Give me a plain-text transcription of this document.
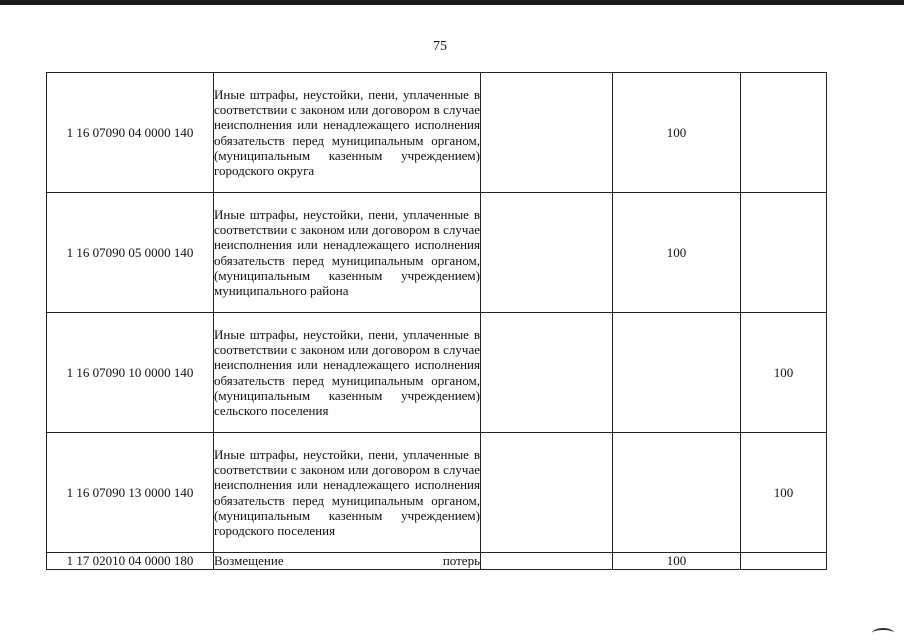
75
1 16 07090 04 0000 140	Иные штрафы, неустойки, пени, уплаченные в соответствии с законом или договором в случае неисполнения или ненадлежащего исполнения обязательств перед муниципальным органом, (муниципальным казенным учреждением) городского округа		100	
1 16 07090 05 0000 140	Иные штрафы, неустойки, пени, уплаченные в соответствии с законом или договором в случае неисполнения или ненадлежащего исполнения обязательств перед муниципальным органом, (муниципальным казенным учреждением) муниципального района		100	
1 16 07090 10 0000 140	Иные штрафы, неустойки, пени, уплаченные в соответствии с законом или договором в случае неисполнения или ненадлежащего исполнения обязательств перед муниципальным органом, (муниципальным казенным учреждением) сельского поселения			100
1 16 07090 13 0000 140	Иные штрафы, неустойки, пени, уплаченные в соответствии с законом или договором в случае неисполнения или ненадлежащего исполнения обязательств перед муниципальным органом, (муниципальным казенным учреждением) городского поселения			100
1 17 02010 04 0000 180	Возмещение потерь		100	
